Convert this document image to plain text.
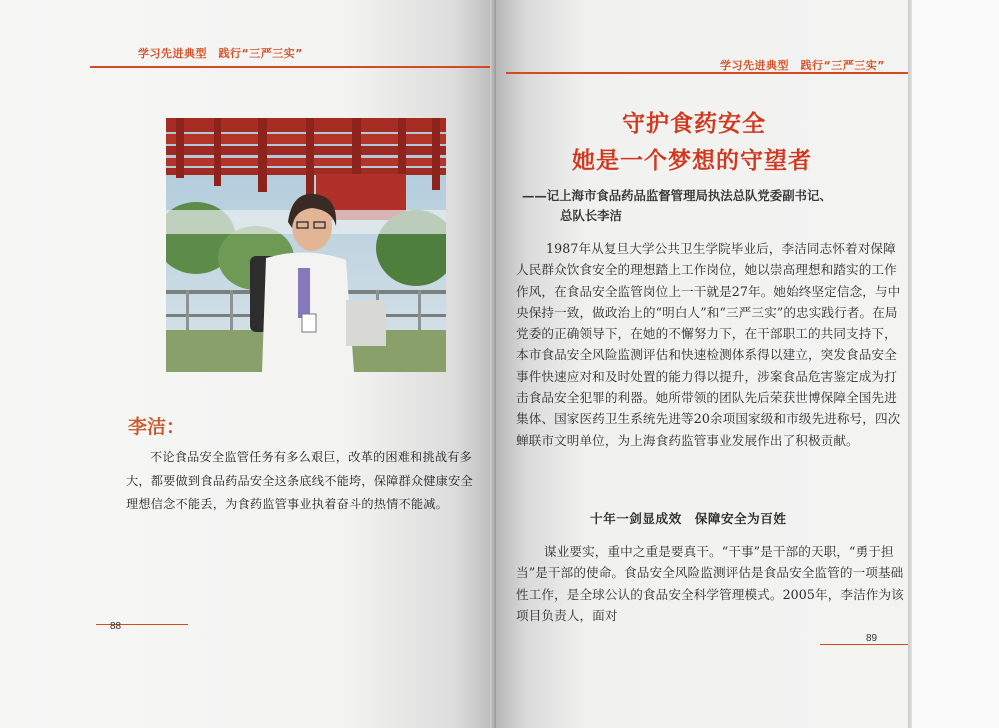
学习先进典型　践行“三严三实”
李洁：
不论食品安全监管任务有多么艰巨，改革的困难和挑战有多大，都要做到食品药品安全这条底线不能垮，保障群众健康安全理想信念不能丢，为食药监管事业执着奋斗的热情不能减。
88
学习先进典型　践行“三严三实”
守护食药安全
她是一个梦想的守望者
——记上海市食品药品监督管理局执法总队党委副书记、
总队长李洁
1987年从复旦大学公共卫生学院毕业后，李洁同志怀着对保障人民群众饮食安全的理想踏上工作岗位，她以崇高理想和踏实的工作作风，在食品安全监管岗位上一干就是27年。她始终坚定信念，与中央保持一致，做政治上的“明白人”和“三严三实”的忠实践行者。在局党委的正确领导下，在她的不懈努力下，在干部职工的共同支持下，本市食品安全风险监测评估和快速检测体系得以建立，突发食品安全事件快速应对和及时处置的能力得以提升，涉案食品危害鉴定成为打击食品安全犯罪的利器。她所带领的团队先后荣获世博保障全国先进集体、国家医药卫生系统先进等20余项国家级和市级先进称号，四次蝉联市文明单位，为上海食药监管事业发展作出了积极贡献。
十年一剑显成效　保障安全为百姓
谋业要实，重中之重是要真干。“干事”是干部的天职，“勇于担当”是干部的使命。食品安全风险监测评估是食品安全监管的一项基础性工作，是全球公认的食品安全科学管理模式。2005年，李洁作为该项目负责人，面对
89
